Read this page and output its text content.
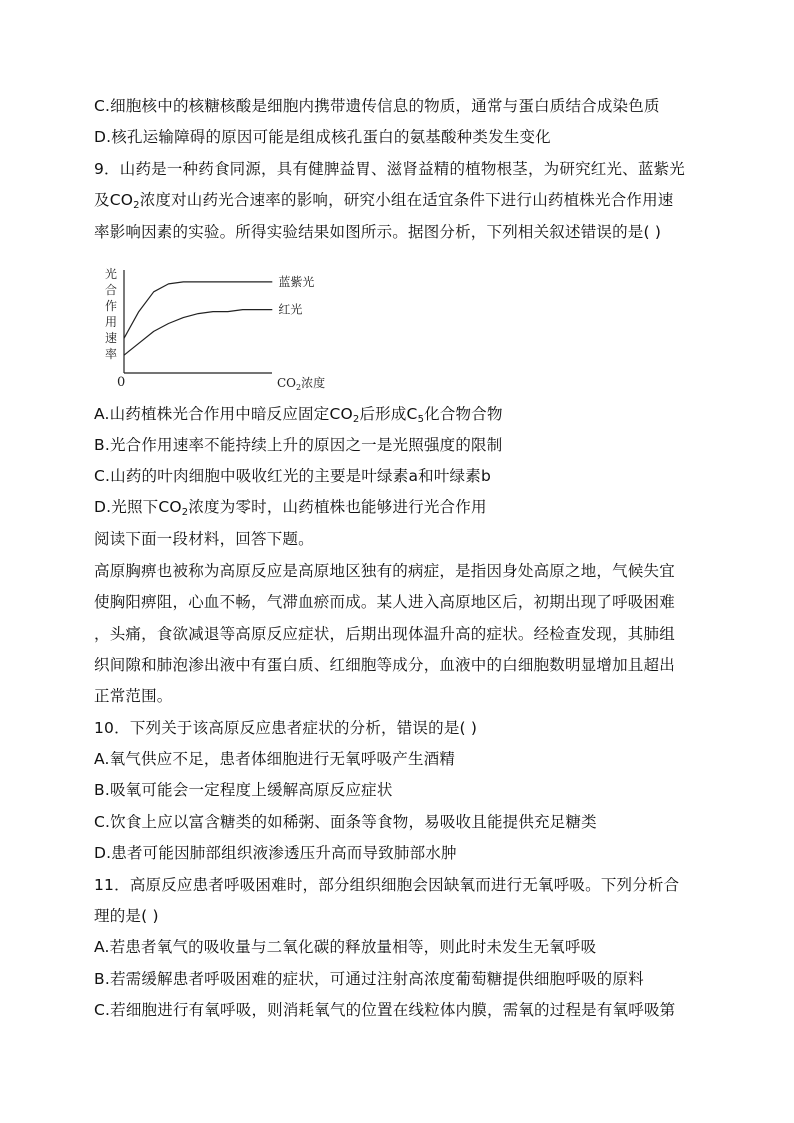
C.细胞核中的核糖核酸是细胞内携带遗传信息的物质，通常与蛋白质结合成染色质
D.核孔运输障碍的原因可能是组成核孔蛋白的氨基酸种类发生变化
9．山药是一种药食同源，具有健脾益胃、滋肾益精的植物根茎，为研究红光、蓝紫光
及$CO_2$浓度对山药光合速率的影响，研究小组在适宜条件下进行山药植株光合作用速
率影响因素的实验。所得实验结果如图所示。据图分析，下列相关叙述错误的是( )
光
合
作
用
速
率
0	$CO_2$浓度
蓝紫光
红光
A.山药植株光合作用中暗反应固定$CO_2$后形成$C_5$化合物合物
B.光合作用速率不能持续上升的原因之一是光照强度的限制
C.山药的叶肉细胞中吸收红光的主要是叶绿素a和叶绿素b
D.光照下$CO_2$浓度为零时，山药植株也能够进行光合作用
阅读下面一段材料，回答下题。
高原胸痹也被称为高原反应是高原地区独有的病症，是指因身处高原之地，气候失宜
使胸阳痹阻，心血不畅，气滞血瘀而成。某人进入高原地区后，初期出现了呼吸困难
，头痛，食欲减退等高原反应症状，后期出现体温升高的症状。经检查发现，其肺组
织间隙和肺泡渗出液中有蛋白质、红细胞等成分，血液中的白细胞数明显增加且超出
正常范围。
10．下列关于该高原反应患者症状的分析，错误的是( )
A.氧气供应不足，患者体细胞进行无氧呼吸产生酒精
B.吸氧可能会一定程度上缓解高原反应症状
C.饮食上应以富含糖类的如稀粥、面条等食物，易吸收且能提供充足糖类
D.患者可能因肺部组织液渗透压升高而导致肺部水肿
11．高原反应患者呼吸困难时，部分组织细胞会因缺氧而进行无氧呼吸。下列分析合
理的是( )
A.若患者氧气的吸收量与二氧化碳的释放量相等，则此时未发生无氧呼吸
B.若需缓解患者呼吸困难的症状，可通过注射高浓度葡萄糖提供细胞呼吸的原料
C.若细胞进行有氧呼吸，则消耗氧气的位置在线粒体内膜，需氧的过程是有氧呼吸第
